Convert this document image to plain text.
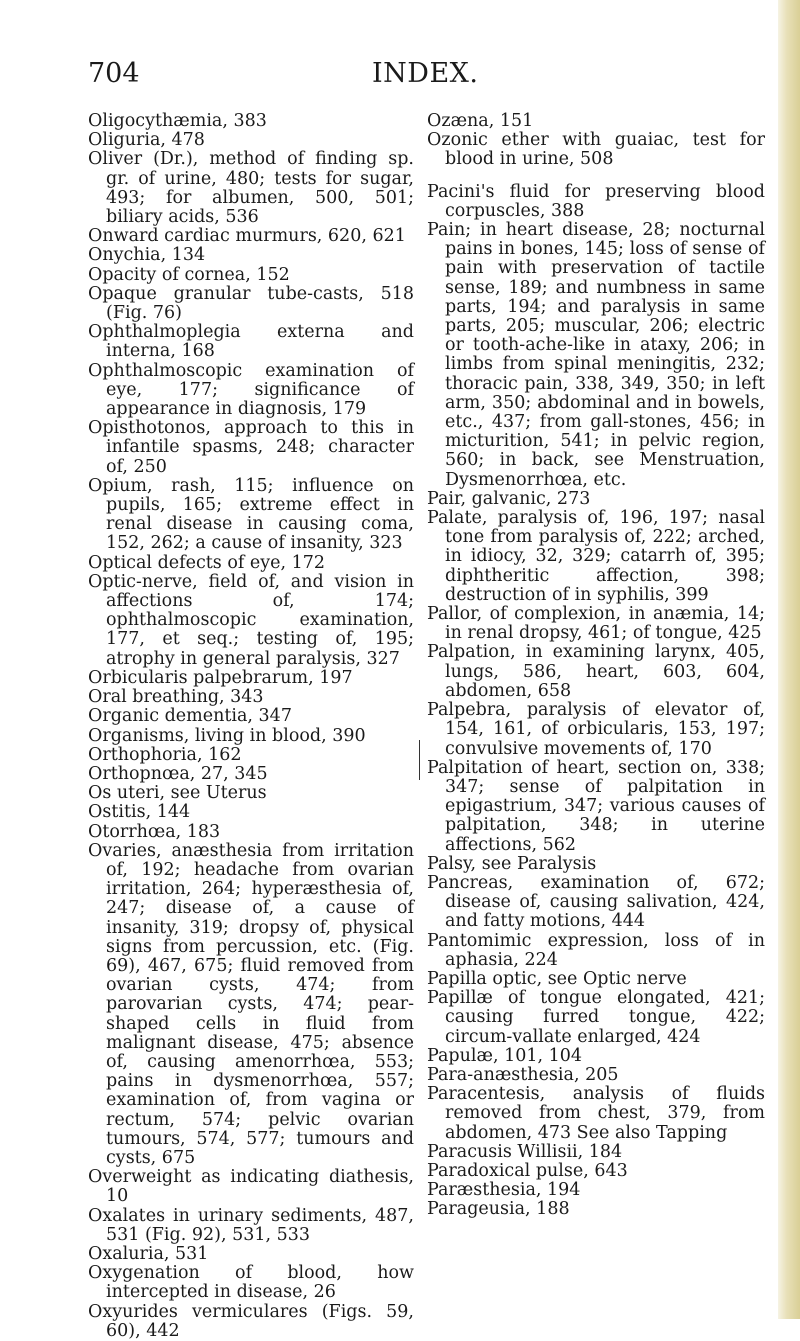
704	INDEX.
Oligocythæmia, 383
Oliguria, 478
Oliver (Dr.), method of finding sp. gr. of urine, 480; tests for sugar, 493; for albumen, 500, 501; biliary acids, 536
Onward cardiac murmurs, 620, 621
Onychia, 134
Opacity of cornea, 152
Opaque granular tube-casts, 518 (Fig. 76)
Ophthalmoplegia externa and interna, 168
Ophthalmoscopic examination of eye, 177; significance of appearance in diagnosis, 179
Opisthotonos, approach to this in infantile spasms, 248; character of, 250
Opium, rash, 115; influence on pupils, 165; extreme effect in renal disease in causing coma, 152, 262; a cause of insanity, 323
Optical defects of eye, 172
Optic-nerve, field of, and vision in affections of, 174; ophthalmoscopic examination, 177, et seq.; testing of, 195; atrophy in general paralysis, 327
Orbicularis palpebrarum, 197
Oral breathing, 343
Organic dementia, 347
Organisms, living in blood, 390
Orthophoria, 162
Orthopnœa, 27, 345
Os uteri, see Uterus
Ostitis, 144
Otorrhœa, 183
Ovaries, anæsthesia from irritation of, 192; headache from ovarian irritation, 264; hyperæsthesia of, 247; disease of, a cause of insanity, 319; dropsy of, physical signs from percussion, etc. (Fig. 69), 467, 675; fluid removed from ovarian cysts, 474; from parovarian cysts, 474; pear-shaped cells in fluid from malignant disease, 475; absence of, causing amenorrhœa, 553; pains in dysmenorrhœa, 557; examination of, from vagina or rectum, 574; pelvic ovarian tumours, 574, 577; tumours and cysts, 675
Overweight as indicating diathesis, 10
Oxalates in urinary sediments, 487, 531 (Fig. 92), 531, 533
Oxaluria, 531
Oxygenation of blood, how intercepted in disease, 26
Oxyurides vermiculares (Figs. 59, 60), 442
Ozæna, 151
Ozonic ether with guaiac, test for blood in urine, 508
Pacini's fluid for preserving blood corpuscles, 388
Pain; in heart disease, 28; nocturnal pains in bones, 145; loss of sense of pain with preservation of tactile sense, 189; and numbness in same parts, 194; and paralysis in same parts, 205; muscular, 206; electric or tooth-ache-like in ataxy, 206; in limbs from spinal meningitis, 232; thoracic pain, 338, 349, 350; in left arm, 350; abdominal and in bowels, etc., 437; from gall-stones, 456; in micturition, 541; in pelvic region, 560; in back, see Menstruation, Dysmenorrhœa, etc.
Pair, galvanic, 273
Palate, paralysis of, 196, 197; nasal tone from paralysis of, 222; arched, in idiocy, 32, 329; catarrh of, 395; diphtheritic affection, 398; destruction of in syphilis, 399
Pallor, of complexion, in anæmia, 14; in renal dropsy, 461; of tongue, 425
Palpation, in examining larynx, 405, lungs, 586, heart, 603, 604, abdomen, 658
Palpebra, paralysis of elevator of, 154, 161, of orbicularis, 153, 197; convulsive movements of, 170
Palpitation of heart, section on, 338; 347; sense of palpitation in epigastrium, 347; various causes of palpitation, 348; in uterine affections, 562
Palsy, see Paralysis
Pancreas, examination of, 672; disease of, causing salivation, 424, and fatty motions, 444
Pantomimic expression, loss of in aphasia, 224
Papilla optic, see Optic nerve
Papillæ of tongue elongated, 421; causing furred tongue, 422; circum-vallate enlarged, 424
Papulæ, 101, 104
Para-anæsthesia, 205
Paracentesis, analysis of fluids removed from chest, 379, from abdomen, 473 See also Tapping
Paracusis Willisii, 184
Paradoxical pulse, 643
Paræsthesia, 194
Parageusia, 188
